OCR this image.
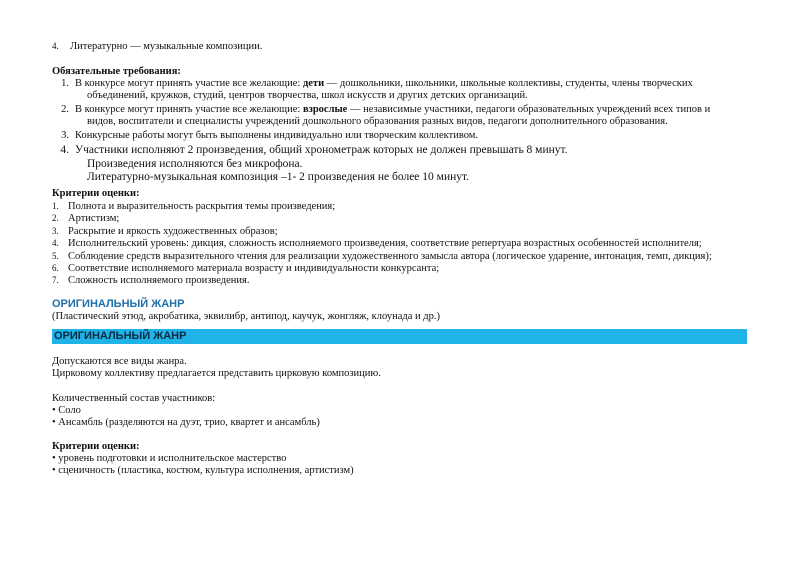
4. Литературно — музыкальные композиции.
Обязательные требования:
1. В конкурсе могут принять участие все желающие: дети — дошкольники, школьники, школьные коллективы, студенты, члены творческих
объединений, кружков, студий, центров творчества, школ искусств и других детских организаций.
2. В конкурсе могут принять участие все желающие: взрослые — независимые участники, педагоги образовательных учреждений всех типов и
видов, воспитатели и специалисты учреждений дошкольного образования разных видов, педагоги дополнительного образования.
3. Конкурсные работы могут быть выполнены индивидуально или творческим коллективом.
4. Участники исполняют 2 произведения, общий хронометраж которых не должен превышать 8 минут.
Произведения исполняются без микрофона.
Литературно-музыкальная композиция –1- 2 произведения не более 10 минут.
Критерии оценки:
1. Полнота и выразительность раскрытия темы произведения;
2. Артистизм;
3. Раскрытие и яркость художественных образов;
4. Исполнительский уровень: дикция, сложность исполняемого произведения, соответствие репертуара возрастных особенностей исполнителя;
5. Соблюдение средств выразительного чтения для реализации художественного замысла автора (логическое ударение, интонация, темп, дикция);
6. Соответствие исполняемого материала возрасту и индивидуальности конкурсанта;
7. Сложность исполняемого произведения.
ОРИГИНАЛЬНЫЙ ЖАНР
(Пластический этюд, акробатика, эквилибр, антипод, каучук, жонгляж, клоунада и др.)
ОРИГИНАЛЬНЫЙ ЖАНР
Допускаются все виды жанра.
Цирковому коллективу предлагается представить цирковую композицию.
Количественный состав участников:
• Соло
• Ансамбль (разделяются на дуэт, трио, квартет и ансамбль)
Критерии оценки:
• уровень подготовки и исполнительское мастерство
• сценичность (пластика, костюм, культура исполнения, артистизм)
